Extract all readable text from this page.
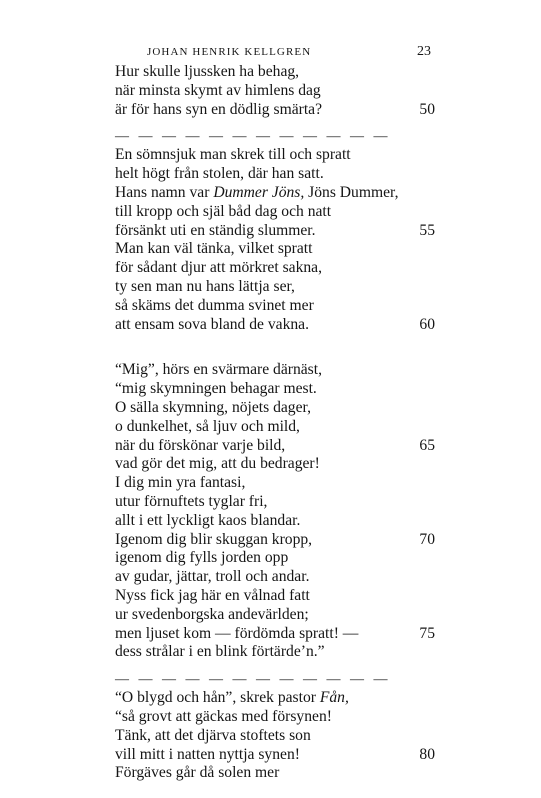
JOHAN HENRIK KELLGREN	23
Hur skulle ljussken ha behag,
när minsta skymt av himlens dag
är för hans syn en dödlig smärta?	50
— — — — — — — — — — — —
En sömnsjuk man skrek till och spratt
helt högt från stolen, där han satt.
Hans namn var Dummer Jöns, Jöns Dummer,
till kropp och själ båd dag och natt
försänkt uti en ständig slummer.	55
Man kan väl tänka, vilket spratt
för sådant djur att mörkret sakna,
ty sen man nu hans lättja ser,
så skäms det dumma svinet mer
att ensam sova bland de vakna.	60
“Mig”, hörs en svärmare därnäst,
“mig skymningen behagar mest.
O sälla skymning, nöjets dager,
o dunkelhet, så ljuv och mild,
när du förskönar varje bild,	65
vad gör det mig, att du bedrager!
I dig min yra fantasi,
utur förnuftets tyglar fri,
allt i ett lyckligt kaos blandar.
Igenom dig blir skuggan kropp,	70
igenom dig fylls jorden opp
av gudar, jättar, troll och andar.
Nyss fick jag här en vålnad fatt
ur svedenborgska andevärlden;
men ljuset kom — fördömda spratt! —	75
dess strålar i en blink förtärde’n.”
— — — — — — — — — — — —
“O blygd och hån”, skrek pastor Fån,
“så grovt att gäckas med försynen!
Tänk, att det djärva stoftets son
vill mitt i natten nyttja synen!	80
Förgäves går då solen mer
